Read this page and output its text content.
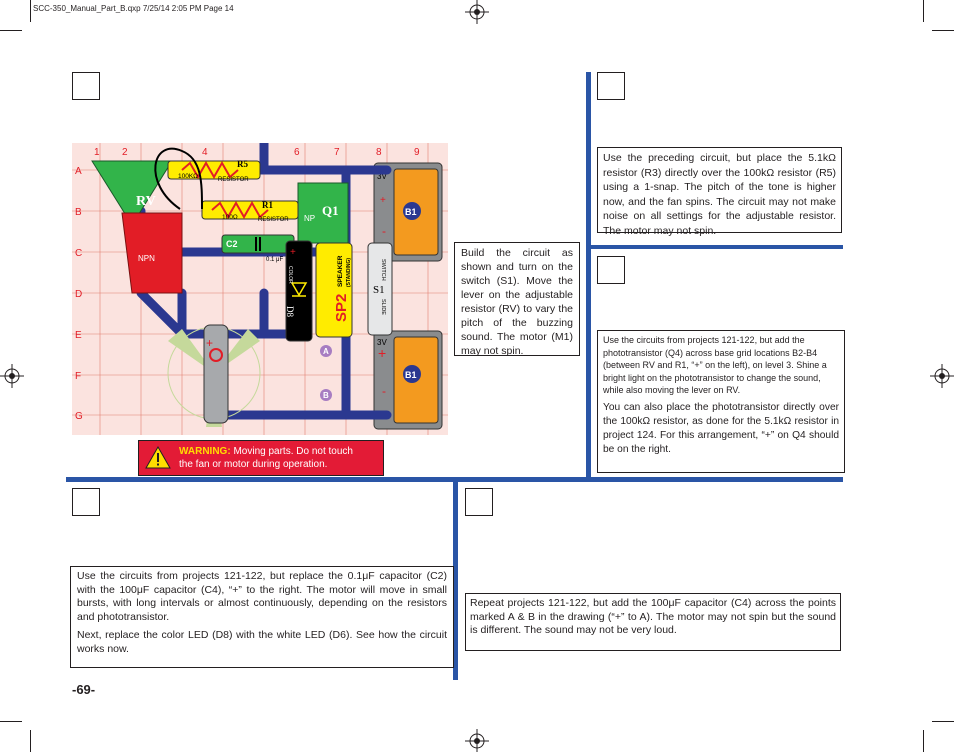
SCC-350_Manual_Part_B.qxp 7/25/14 2:05 PM Page 14
1 2	4	6	7	8	9
A
B
C
D
E
F
G
B1
3V
+
-
B1
3V
+
-
RV
NPN
Q1
NP
R5
100KΩ	RESISTOR
R1
100Ω	RESISTOR
C2
0.1 μF
D8
COLOR
+
SP2
SPEAKER (STANDING)
S1
SWITCH
SLIDE
+
A
B
WARNING: Moving parts. Do not touch
the fan or motor during operation.
Build the circuit as shown and turn on the switch (S1). Move the lever on the adjustable resistor (RV) to vary the pitch of the buzzing sound. The motor (M1) may not spin.
Use the preceding circuit, but place the 5.1kΩ resistor (R3) directly over the 100kΩ resistor (R5) using a 1-snap. The pitch of the tone is higher now, and the fan spins. The circuit may not make noise on all settings for the adjustable resistor. The motor may not spin.
Use the circuits from projects 121-122, but add the phototransistor (Q4) across base grid locations B2-B4 (between RV and R1, “+” on the left), on level 3. Shine a bright light on the phototransistor to change the sound, while also moving the lever on RV.
You can also place the phototransistor directly over the 100kΩ resistor, as done for the 5.1kΩ resistor in project 124. For this arrangement, “+” on Q4 should be on the right.
Use the circuits from projects 121-122, but replace the 0.1μF capacitor (C2) with the 100μF capacitor (C4), “+” to the right. The motor will move in small bursts, with long intervals or almost continuously, depending on the resistors and phototransistor.
Next, replace the color LED (D8) with the white LED (D6). See how the circuit works now.
Repeat projects 121-122, but add the 100μF capacitor (C4) across the points marked A & B in the drawing (“+” to A). The motor may not spin but the sound is different. The sound may not be very loud.
-69-
